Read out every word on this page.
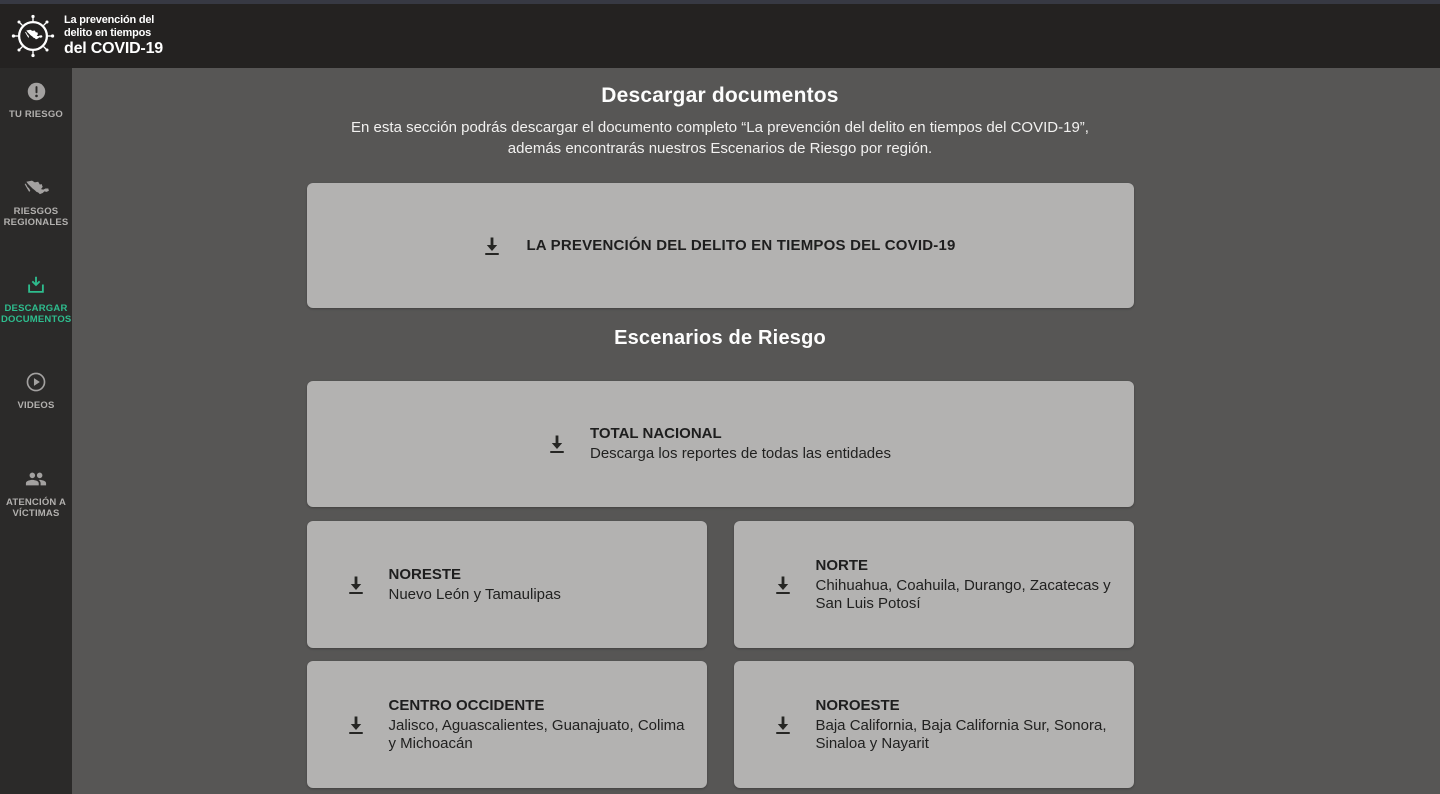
La prevención del
delito en tiempos
del COVID-19
TU RIESGO
RIESGOS REGIONALES
DESCARGAR DOCUMENTOS
VIDEOS
ATENCIÓN A VÍCTIMAS
Descargar documentos

En esta sección podrás descargar el documento completo “La prevención del delito en tiempos del COVID-19”, además encontrarás nuestros Escenarios de Riesgo por región.

LA PREVENCIÓN DEL DELITO EN TIEMPOS DEL COVID-19
Escenarios de Riesgo
TOTAL NACIONAL
Descarga los reportes de todas las entidades
NORESTE
Nuevo León y Tamaulipas
NORTE
Chihuahua, Coahuila, Durango, Zacatecas y San Luis Potosí
CENTRO OCCIDENTE
Jalisco, Aguascalientes, Guanajuato, Colima y Michoacán
NOROESTE
Baja California, Baja California Sur, Sonora, Sinaloa y Nayarit
